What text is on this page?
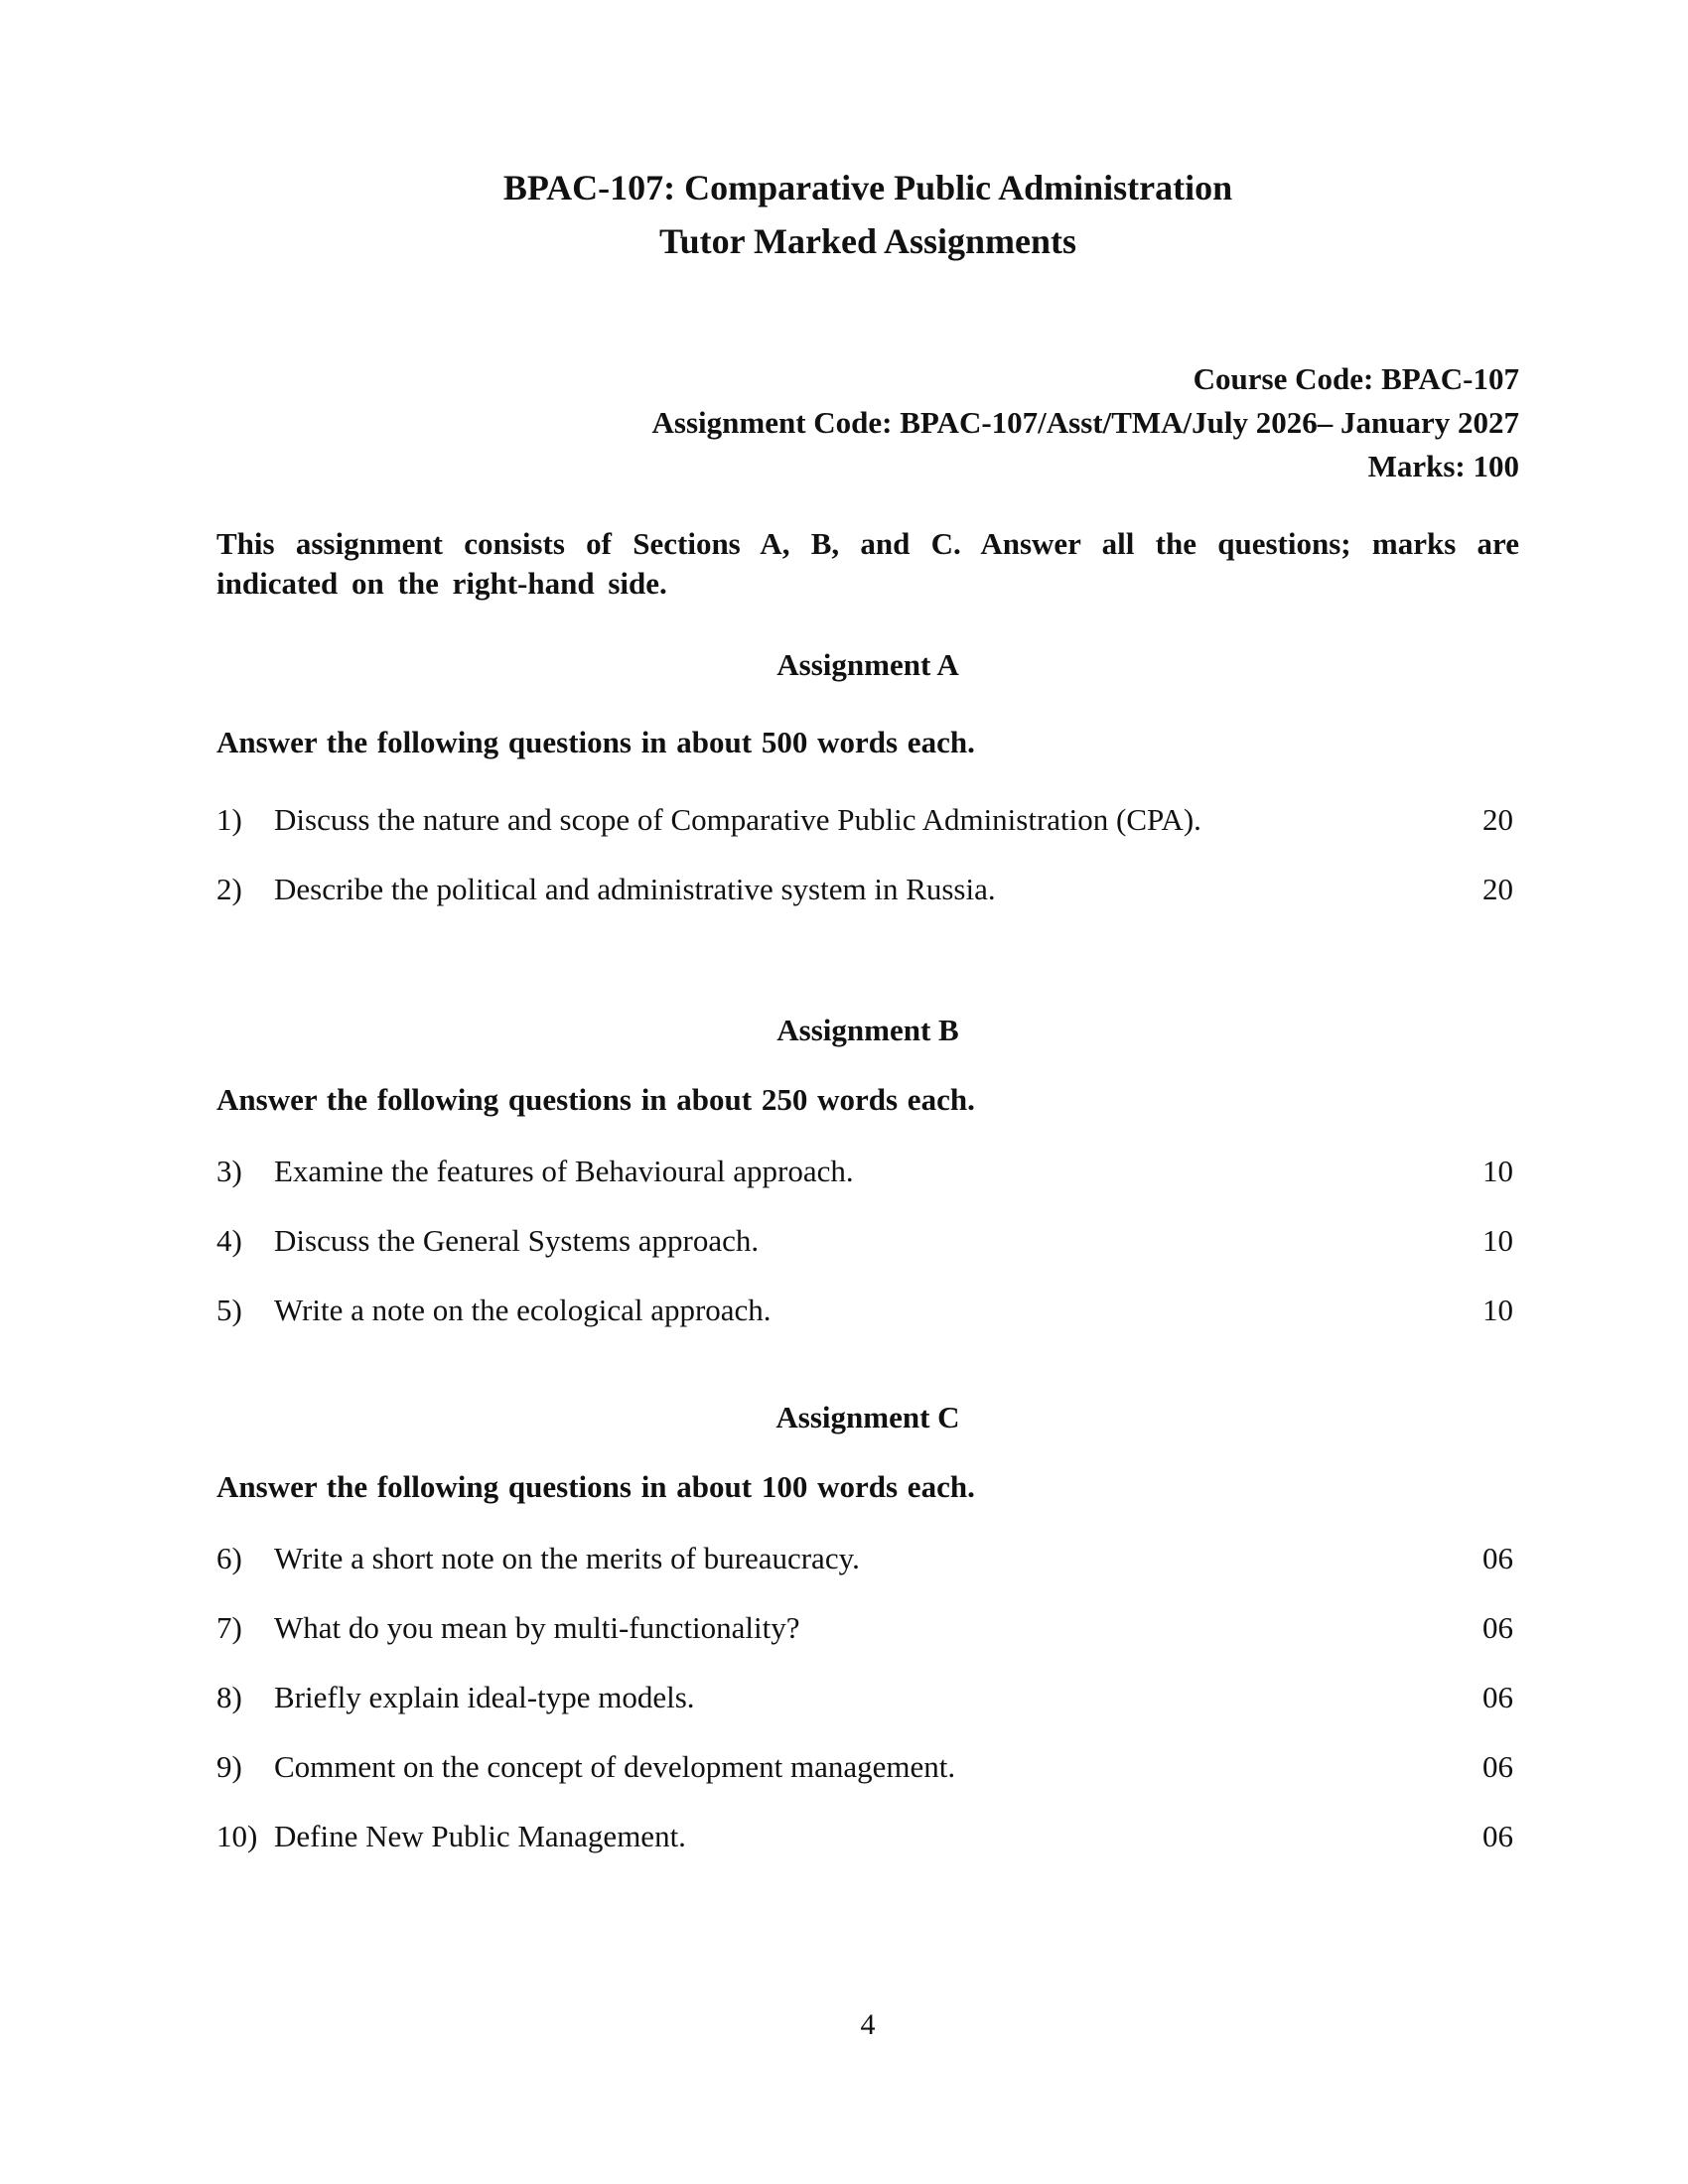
BPAC-107: Comparative Public Administration
Tutor Marked Assignments
Course Code: BPAC-107
Assignment Code: BPAC-107/Asst/TMA/July 2026– January 2027
Marks: 100
This assignment consists of Sections A, B, and C. Answer all the questions; marks are indicated on the right-hand side.
Assignment A
Answer the following questions in about 500 words each.
1) Discuss the nature and scope of Comparative Public Administration (CPA).	20
2) Describe the political and administrative system in Russia.	20
Assignment B
Answer the following questions in about 250 words each.
3) Examine the features of Behavioural approach.	10
4) Discuss the General Systems approach.	10
5) Write a note on the ecological approach.	10
Assignment C
Answer the following questions in about 100 words each.
6) Write a short note on the merits of bureaucracy.	06
7) What do you mean by multi-functionality?	06
8) Briefly explain ideal-type models.	06
9) Comment on the concept of development management.	06
10) Define New Public Management.	06
4
